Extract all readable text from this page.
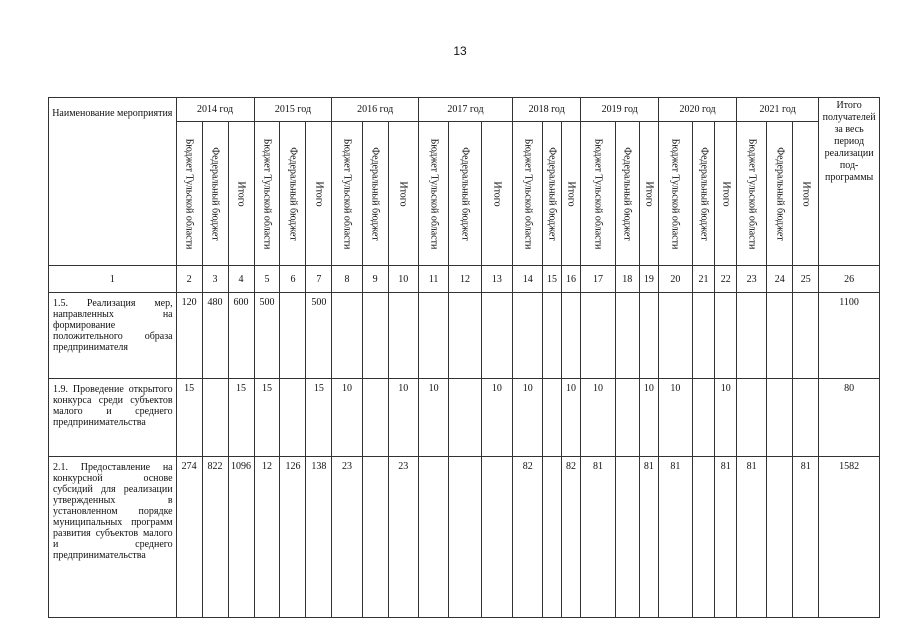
13
Наименование мероприятия	2014 год			2015 год			2016 год			2017 год			2018 год			2019 год			2020 год			2021 год			Итого получателей за весь период реализации под-программы

	Бюджет Тульской области	Федеральный бюджет	Итого	Бюджет Тульской области	Федеральный бюджет	Итого	Бюджет Тульской области	Федеральный бюджет	Итого	Бюджет Тульской области	Федеральный бюджет	Итого	Бюджет Тульской области	Федеральный бюджет	Итого	Бюджет Тульской области	Федеральный бюджет	Итого	Бюджет Тульской области	Федеральный бюджет	Итого	Бюджет Тульской области	Федеральный бюджет	Итого	

1	2	3	4	5	6	7	8	9	10	11	12	13	14	15	16	17	18	19	20	21	22	23	24	25	26
1.5. Реализация мер, направленных на формирование положительного образа предпринимателя	120	480	600	500		500																			1100
1.9. Проведение открытого конкурса среди субъектов малого и среднего предпринимательства	15		15	15		15	10		10	10		10	10		10	10		10	10		10				80
2.1. Предоставление на конкурсной основе субсидий для реализации утвержденных в установленном порядке муниципальных программ развития субъектов малого и среднего предпринимательства	274	822	1096	12	126	138	23		23				82		82	81		81	81		81	81		81	1582
